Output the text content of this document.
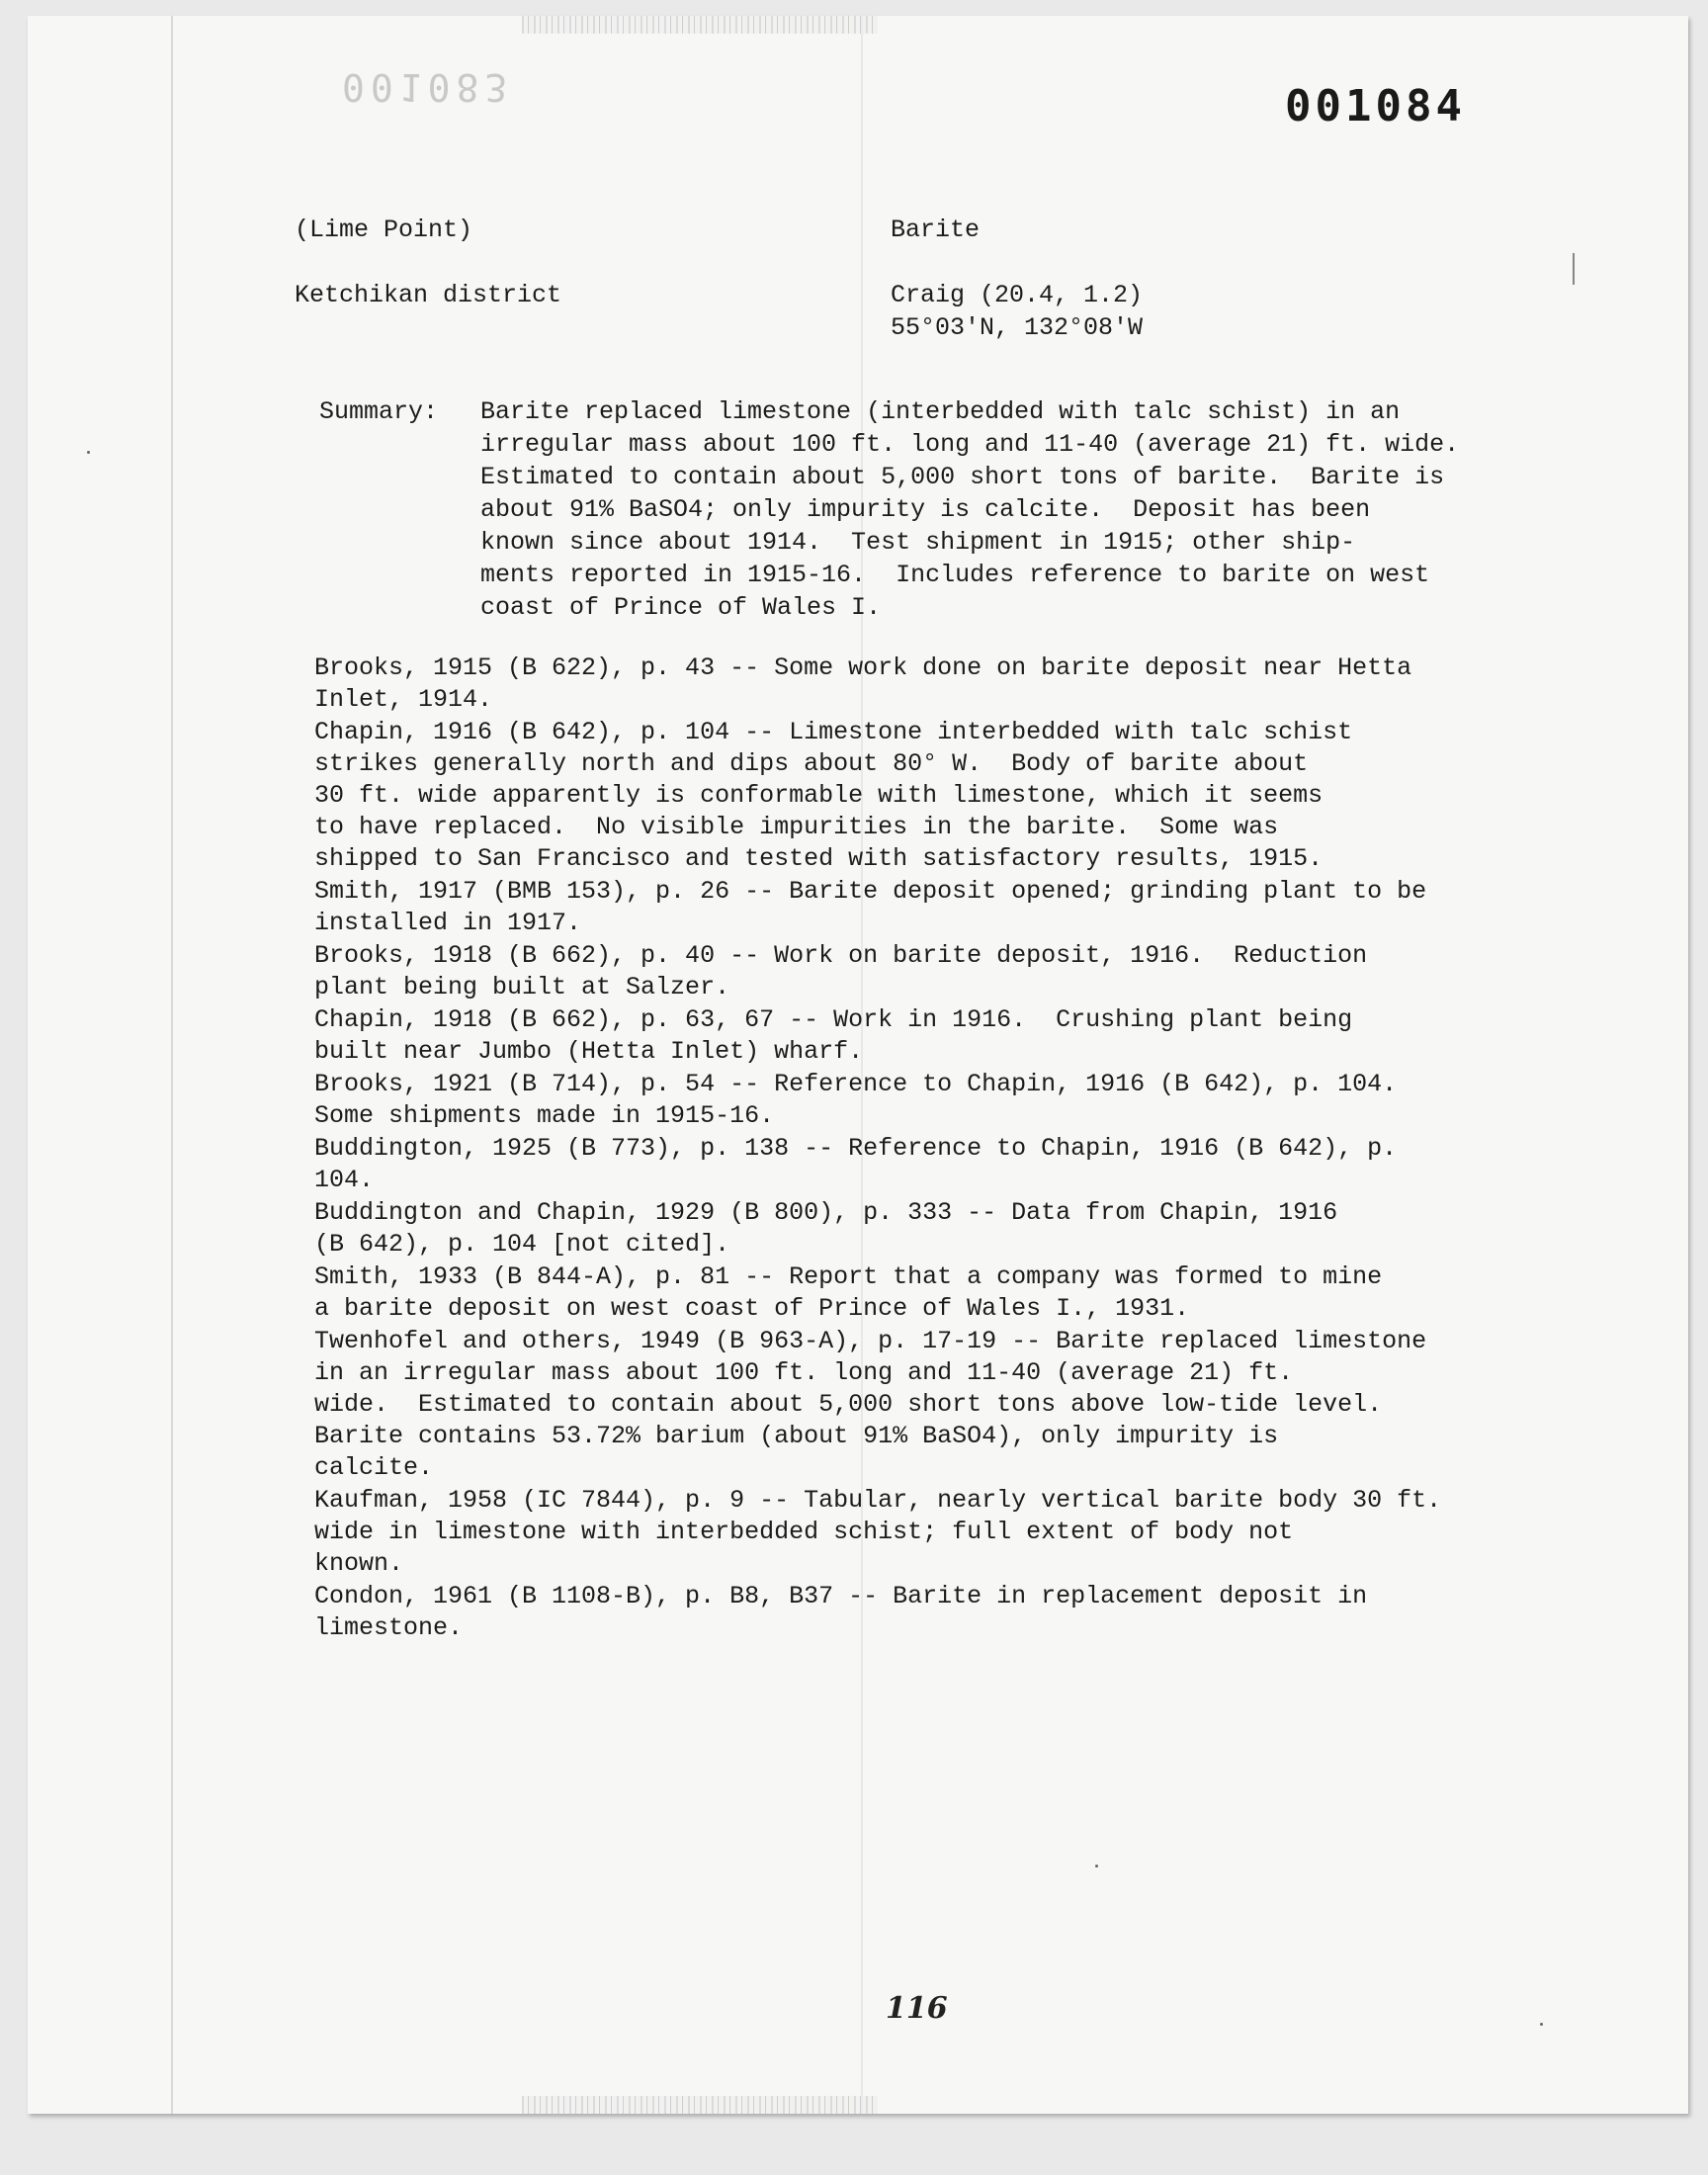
001083	001084
(Lime Point)	Barite
Ketchikan district	Craig (20.4, 1.2)
55°03'N, 132°08'W
Summary: Barite replaced limestone (interbedded with talc schist) in an

irregular mass about 100 ft. long and 11-40 (average 21) ft. wide.

Estimated to contain about 5,000 short tons of barite.  Barite is

about 91% BaSO4; only impurity is calcite.  Deposit has been

known since about 1914.  Test shipment in 1915; other ship-

ments reported in 1915-16.  Includes reference to barite on west

coast of Prince of Wales I.

Brooks, 1915 (B 622), p. 43 -- Some work done on barite deposit near Hetta
Inlet, 1914.

Chapin, 1916 (B 642), p. 104 -- Limestone interbedded with talc schist
strikes generally north and dips about 80° W.  Body of barite about
30 ft. wide apparently is conformable with limestone, which it seems
to have replaced.  No visible impurities in the barite.  Some was
shipped to San Francisco and tested with satisfactory results, 1915.

Smith, 1917 (BMB 153), p. 26 -- Barite deposit opened; grinding plant to be
installed in 1917.

Brooks, 1918 (B 662), p. 40 -- Work on barite deposit, 1916.  Reduction
plant being built at Salzer.

Chapin, 1918 (B 662), p. 63, 67 -- Work in 1916.  Crushing plant being
built near Jumbo (Hetta Inlet) wharf.

Brooks, 1921 (B 714), p. 54 -- Reference to Chapin, 1916 (B 642), p. 104.
Some shipments made in 1915-16.

Buddington, 1925 (B 773), p. 138 -- Reference to Chapin, 1916 (B 642), p.
104.

Buddington and Chapin, 1929 (B 800), p. 333 -- Data from Chapin, 1916
(B 642), p. 104 [not cited].

Smith, 1933 (B 844-A), p. 81 -- Report that a company was formed to mine
a barite deposit on west coast of Prince of Wales I., 1931.

Twenhofel and others, 1949 (B 963-A), p. 17-19 -- Barite replaced limestone
in an irregular mass about 100 ft. long and 11-40 (average 21) ft.
wide.  Estimated to contain about 5,000 short tons above low-tide level.
Barite contains 53.72% barium (about 91% BaSO4), only impurity is
calcite.

Kaufman, 1958 (IC 7844), p. 9 -- Tabular, nearly vertical barite body 30 ft.
wide in limestone with interbedded schist; full extent of body not
known.

Condon, 1961 (B 1108-B), p. B8, B37 -- Barite in replacement deposit in
limestone.

116
